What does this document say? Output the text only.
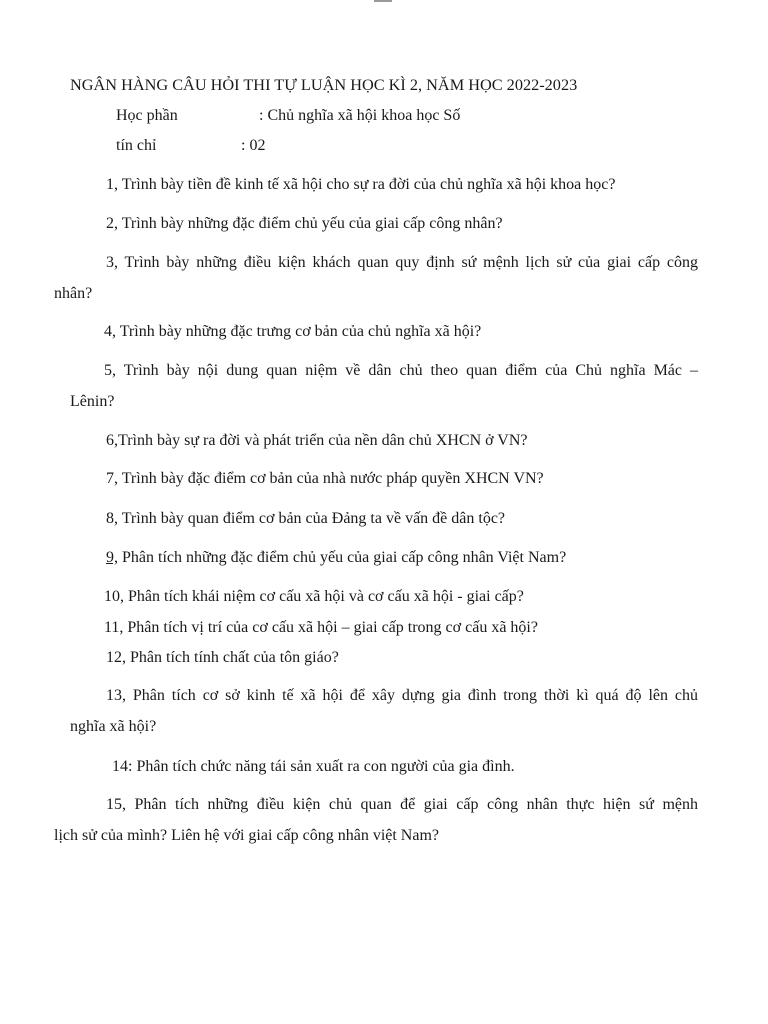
NGÂN HÀNG CÂU HỎI THI TỰ LUẬN HỌC KÌ 2, NĂM HỌC 2022-2023
Học phần	: Chủ nghĩa xã hội khoa học Số
tín chỉ	: 02
1, Trình bày tiền đề kinh tế xã hội cho sự ra đời của chủ nghĩa xã hội khoa học?
2, Trình bày những đặc điểm chủ yếu của giai cấp công nhân?
3, Trình bày những điều kiện khách quan quy định sứ mệnh lịch sử của giai cấp công
nhân?
4, Trình bày những đặc trưng cơ bản của chủ nghĩa xã hội?
5, Trình bày nội dung quan niệm về dân chủ theo quan điểm của Chủ nghĩa Mác –
Lênin?
6,Trình bày sự ra đời và phát triển của nền dân chủ XHCN ở VN?
7, Trình bày đặc điểm cơ bản của nhà nước pháp quyền XHCN VN?
8, Trình bày quan điểm cơ bản của Đảng ta về vấn đề dân tộc?
9, Phân tích những đặc điểm chủ yếu của giai cấp công nhân Việt Nam?
10, Phân tích khái niệm cơ cấu xã hội và cơ cấu xã hội - giai cấp?
11, Phân tích vị trí của cơ cấu xã hội – giai cấp trong cơ cấu xã hội?
12, Phân tích tính chất của tôn giáo?
13, Phân tích cơ sở kinh tế xã hội để xây dựng gia đình trong thời kì quá độ lên chủ
nghĩa xã hội?
14: Phân tích chức năng tái sản xuất ra con người của gia đình.
15, Phân tích những điều kiện chủ quan để giai cấp công nhân thực hiện sứ mệnh
lịch sử của mình? Liên hệ với giai cấp công nhân việt Nam?
